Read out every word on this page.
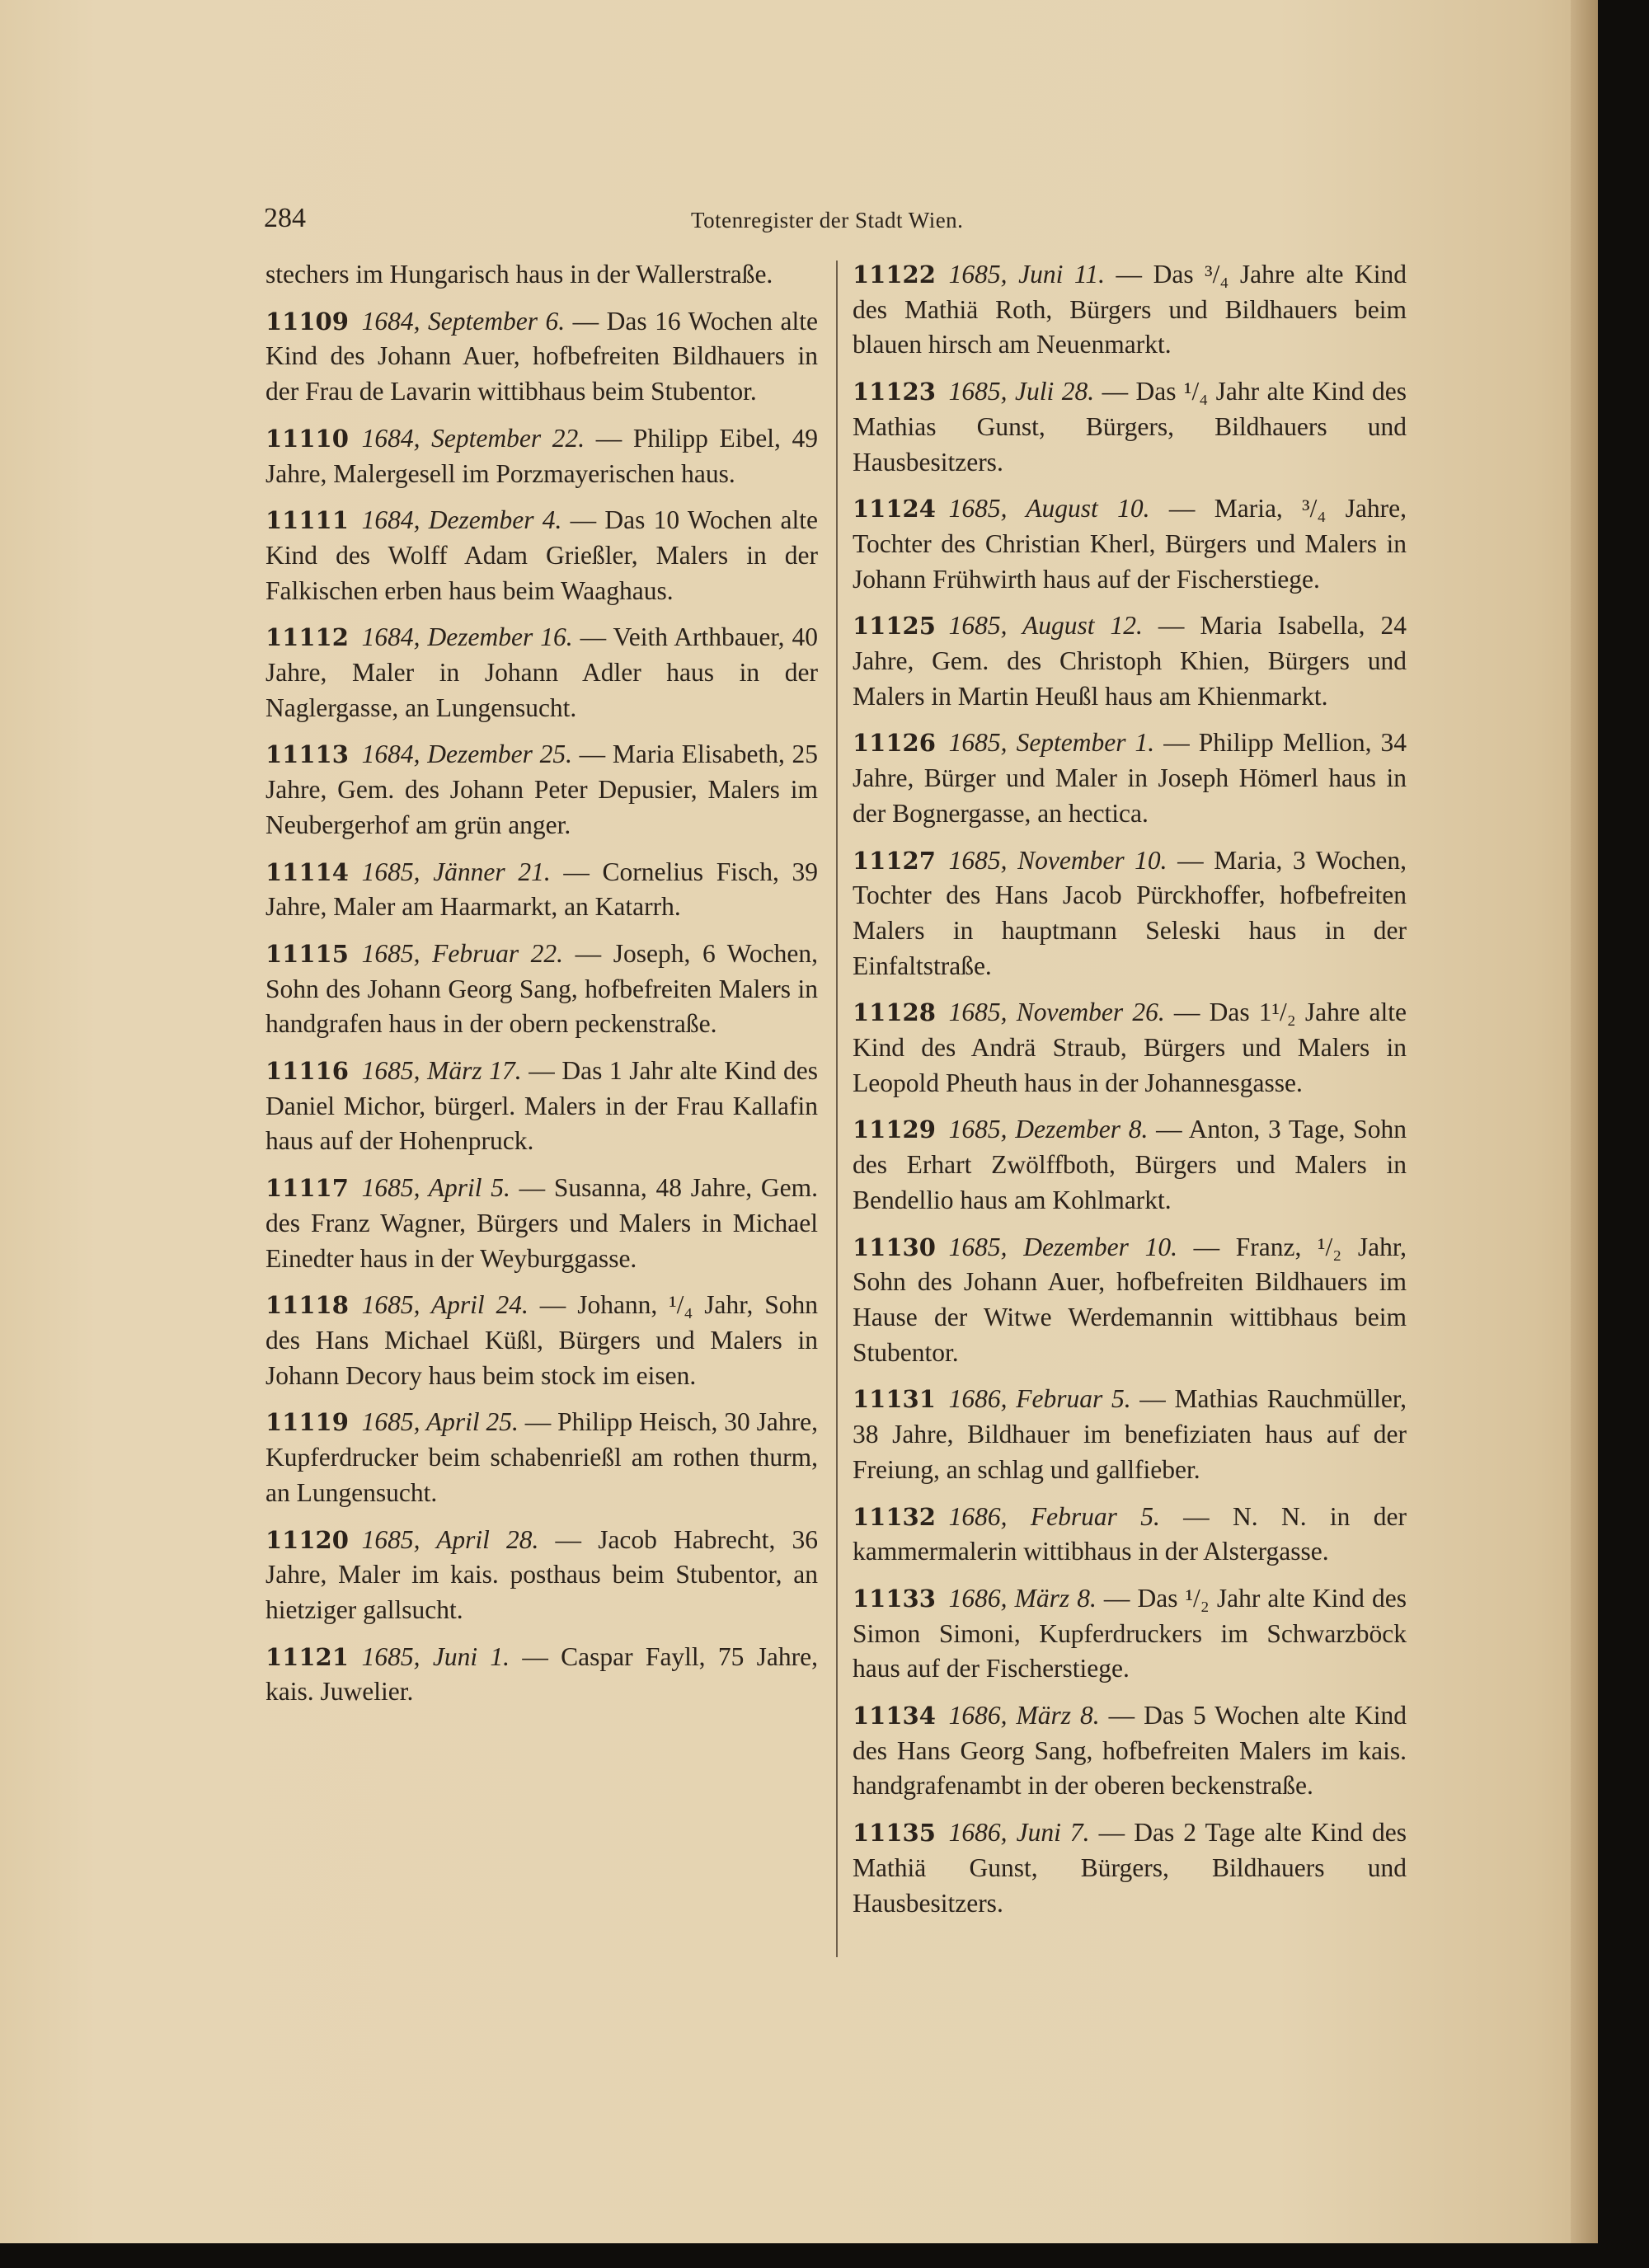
284	Totenregister der Stadt Wien.

stechers im Hungarisch haus in der Wallerstraße.

11109  1684, September 6. — Das 16 Wochen alte Kind des Johann Auer, hofbefreiten Bildhauers in der Frau de Lavarin wittibhaus beim Stubentor.

11110  1684, September 22. — Philipp Eibel, 49 Jahre, Malergesell im Porzmayerischen haus.

11111  1684, Dezember 4. — Das 10 Wochen alte Kind des Wolff Adam Grießler, Malers in der Falkischen erben haus beim Waaghaus.

11112  1684, Dezember 16. — Veith Arthbauer, 40 Jahre, Maler in Johann Adler haus in der Naglergasse, an Lungensucht.

11113  1684, Dezember 25. — Maria Elisabeth, 25 Jahre, Gem. des Johann Peter Depusier, Malers im Neubergerhof am grün anger.

11114  1685, Jänner 21. — Cornelius Fisch, 39 Jahre, Maler am Haarmarkt, an Katarrh.

11115  1685, Februar 22. — Joseph, 6 Wochen, Sohn des Johann Georg Sang, hofbefreiten Malers in handgrafen haus in der obern peckenstraße.

11116  1685, März 17. — Das 1 Jahr alte Kind des Daniel Michor, bürgerl. Malers in der Frau Kallafin haus auf der Hohenpruck.

11117  1685, April 5. — Susanna, 48 Jahre, Gem. des Franz Wagner, Bürgers und Malers in Michael Einedter haus in der Weyburggasse.

11118  1685, April 24. — Johann, ¹/₄ Jahr, Sohn des Hans Michael Küßl, Bürgers und Malers in Johann Decory haus beim stock im eisen.

11119  1685, April 25. — Philipp Heisch, 30 Jahre, Kupferdrucker beim schabenrießl am rothen thurm, an Lungensucht.

11120  1685, April 28. — Jacob Habrecht, 36 Jahre, Maler im kais. posthaus beim Stubentor, an hietziger gallsucht.

11121  1685, Juni 1. — Caspar Fayll, 75 Jahre, kais. Juwelier.

11122  1685, Juni 11. — Das ³/₄ Jahre alte Kind des Mathiä Roth, Bürgers und Bildhauers beim blauen hirsch am Neuenmarkt.

11123  1685, Juli 28. — Das ¹/₄ Jahr alte Kind des Mathias Gunst, Bürgers, Bildhauers und Hausbesitzers.

11124  1685, August 10. — Maria, ³/₄ Jahre, Tochter des Christian Kherl, Bürgers und Malers in Johann Frühwirth haus auf der Fischerstiege.

11125  1685, August 12. — Maria Isabella, 24 Jahre, Gem. des Christoph Khien, Bürgers und Malers in Martin Heußl haus am Khienmarkt.

11126  1685, September 1. — Philipp Mellion, 34 Jahre, Bürger und Maler in Joseph Hömerl haus in der Bognergasse, an hectica.

11127  1685, November 10. — Maria, 3 Wochen, Tochter des Hans Jacob Pürckhoffer, hofbefreiten Malers in hauptmann Seleski haus in der Einfaltstraße.

11128  1685, November 26. — Das 1¹/₂ Jahre alte Kind des Andrä Straub, Bürgers und Malers in Leopold Pheuth haus in der Johannesgasse.

11129  1685, Dezember 8. — Anton, 3 Tage, Sohn des Erhart Zwölffboth, Bürgers und Malers in Bendellio haus am Kohlmarkt.

11130  1685, Dezember 10. — Franz, ¹/₂ Jahr, Sohn des Johann Auer, hofbefreiten Bildhauers im Hause der Witwe Werdemannin wittibhaus beim Stubentor.

11131  1686, Februar 5. — Mathias Rauchmüller, 38 Jahre, Bildhauer im benefiziaten haus auf der Freiung, an schlag und gallfieber.

11132  1686, Februar 5. — N. N. in der kammermalerin wittibhaus in der Alstergasse.

11133  1686, März 8. — Das ¹/₂ Jahr alte Kind des Simon Simoni, Kupferdruckers im Schwarzböck haus auf der Fischerstiege.

11134  1686, März 8. — Das 5 Wochen alte Kind des Hans Georg Sang, hofbefreiten Malers im kais. handgrafenambt in der oberen beckenstraße.

11135  1686, Juni 7. — Das 2 Tage alte Kind des Mathiä Gunst, Bürgers, Bildhauers und Hausbesitzers.
